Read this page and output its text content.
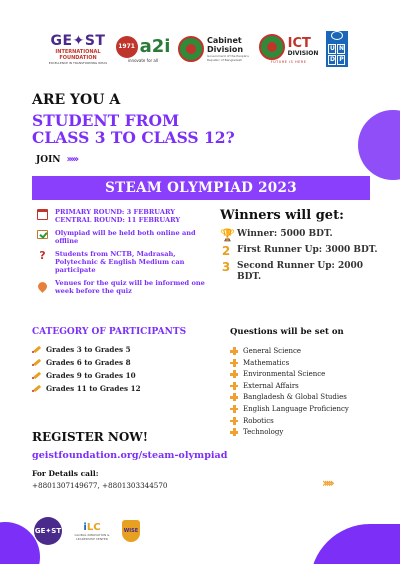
GE✦ST
INTERNATIONAL
FOUNDATION
EXCELLENCE IN TRANSFORMING IDEAS
1971 a2i
innovate for all
Cabinet
Division
Government of the People's Republic of Bangladesh
ICT
DIVISION
FUTURE IS HERE
U N
D P
ARE YOU A
STUDENT FROM
CLASS 3 TO CLASS 12?
JOIN ›››››
STEAM OLYMPIAD 2023
PRIMARY ROUND: 3 FEBRUARY
CENTRAL ROUND: 11 FEBRUARY
Olympiad will be held both online and offline
? Students from NCTB, Madrasah, Polytechnic & English Medium can participate
Venues for the quiz will be informed one week before the quiz
Winners will get:
🏆 Winner: 5000 BDT.
2 First Runner Up: 3000 BDT.
3 Second Runner Up: 2000 BDT.
CATEGORY OF PARTICIPANTS
Grades 3 to Grades 5
Grades 6 to Grades 8
Grades 9 to Grades 10
Grades 11 to Grades 12
Questions will be set on
General Science
Mathematics
Environmental Science
External Affairs
Bangladesh & Global Studies
English Language Proficiency
Robotics
Technology
REGISTER NOW!
geistfoundation.org/steam-olympiad
For Details call:
+8801307149677, +8801303344570	›››››
GE✦ST iLC
GLOBAL INNOVATION & LEADERSHIP CENTER
WISE
